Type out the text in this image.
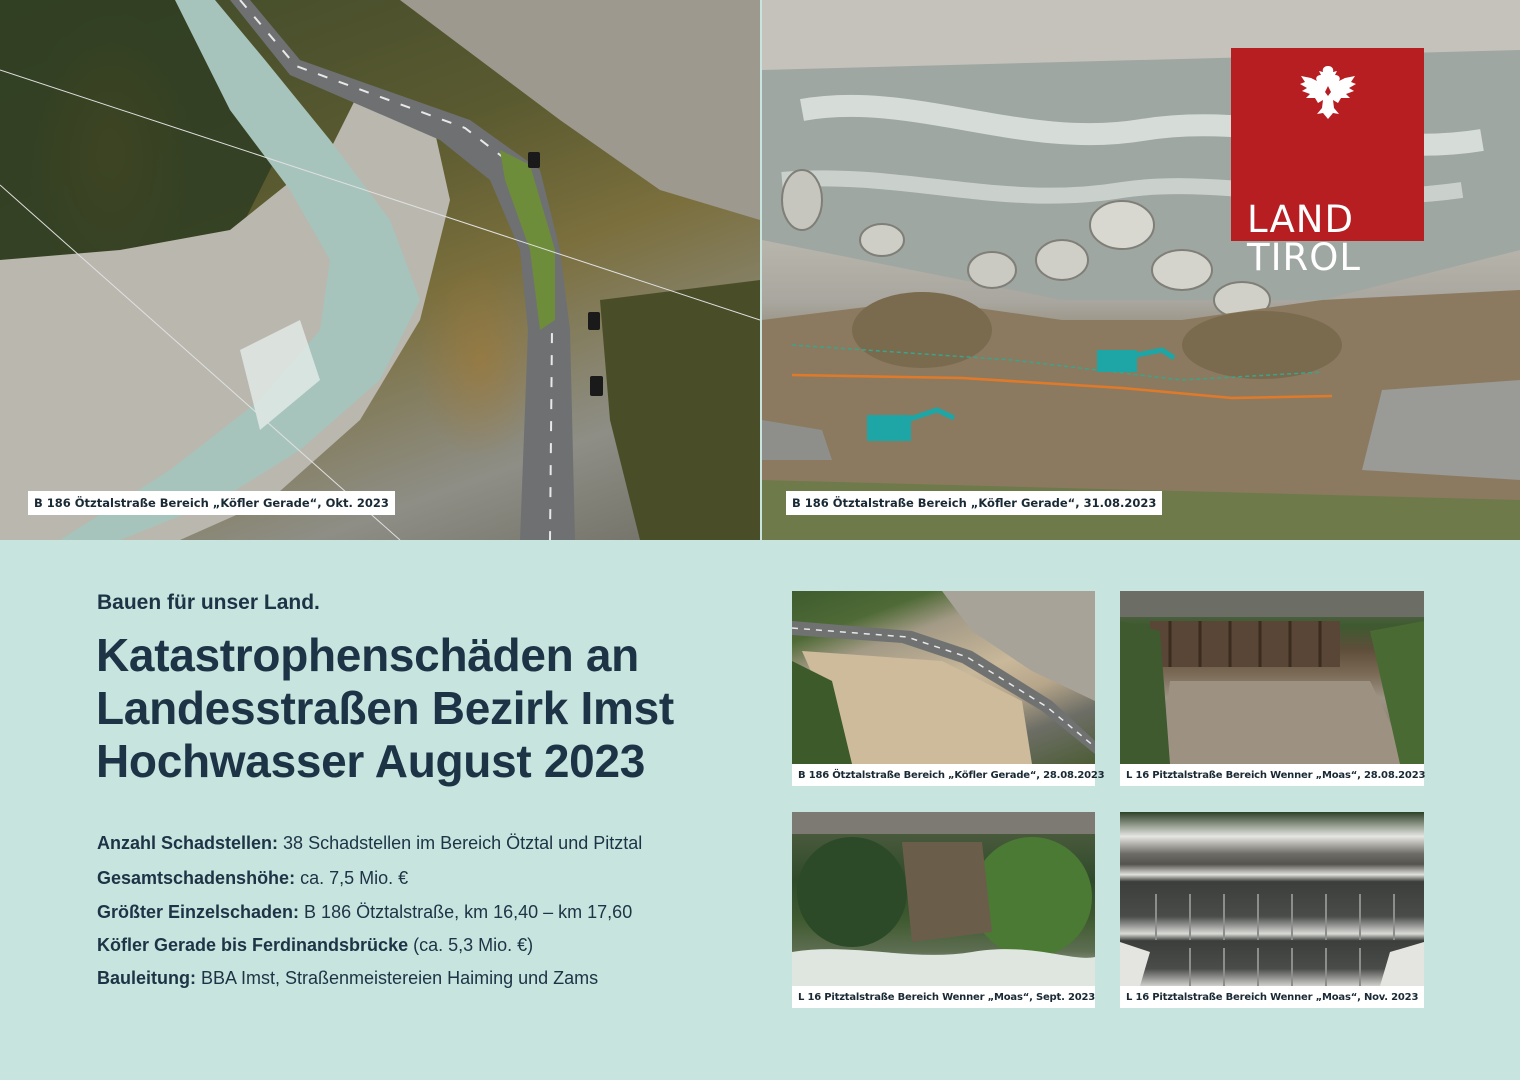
B 186 Ötztalstraße Bereich „Köfler Gerade“, Okt. 2023	B 186 Ötztalstraße Bereich „Köfler Gerade“, 31.08.2023
LAND
TIROL
Bauen für unser Land.
Katastrophenschäden an
Landesstraßen Bezirk Imst
Hochwasser August 2023
Anzahl Schadstellen: 38 Schadstellen im Bereich Ötztal und Pitztal
Gesamtschadenshöhe: ca. 7,5 Mio. €
Größter Einzelschaden: B 186 Ötztalstraße, km 16,40 – km 17,60
Köfler Gerade bis Ferdinandsbrücke (ca. 5,3 Mio. €)
Bauleitung: BBA Imst, Straßenmeistereien Haiming und Zams
B 186 Ötztalstraße Bereich „Köfler Gerade“, 28.08.2023	L 16 Pitztalstraße Bereich Wenner „Moas“, 28.08.2023
L 16 Pitztalstraße Bereich Wenner „Moas“, Sept. 2023	L 16 Pitztalstraße Bereich Wenner „Moas“, Nov. 2023
